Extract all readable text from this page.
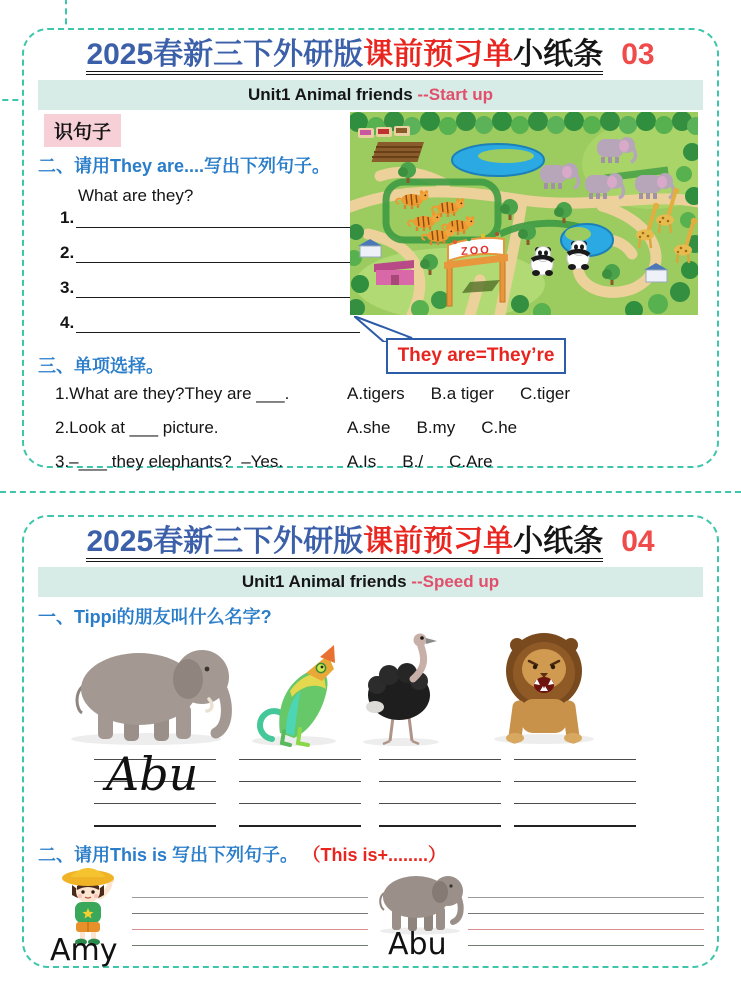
2025春新三下外研版课前预习单小纸条 03
Unit1 Animal friends --Start up
识句子
二、请用They are....写出下列句子。
What are they?
1.
2.
3.
4.
ZOO
They are=They’re
三、单项选择。
1.What are they?They are ___.	A.tigers B.a tiger C.tiger
2.Look at ___ picture.	A.she B.my C.he
3.–___ they elephants?  –Yes.	A.Is B./ C.Are
2025春新三下外研版课前预习单小纸条 04
Unit1 Animal friends --Speed up
一、Tippi的朋友叫什么名字?
Abu
二、请用This is 写出下列句子。 （This is+........）
Amy	Abu
